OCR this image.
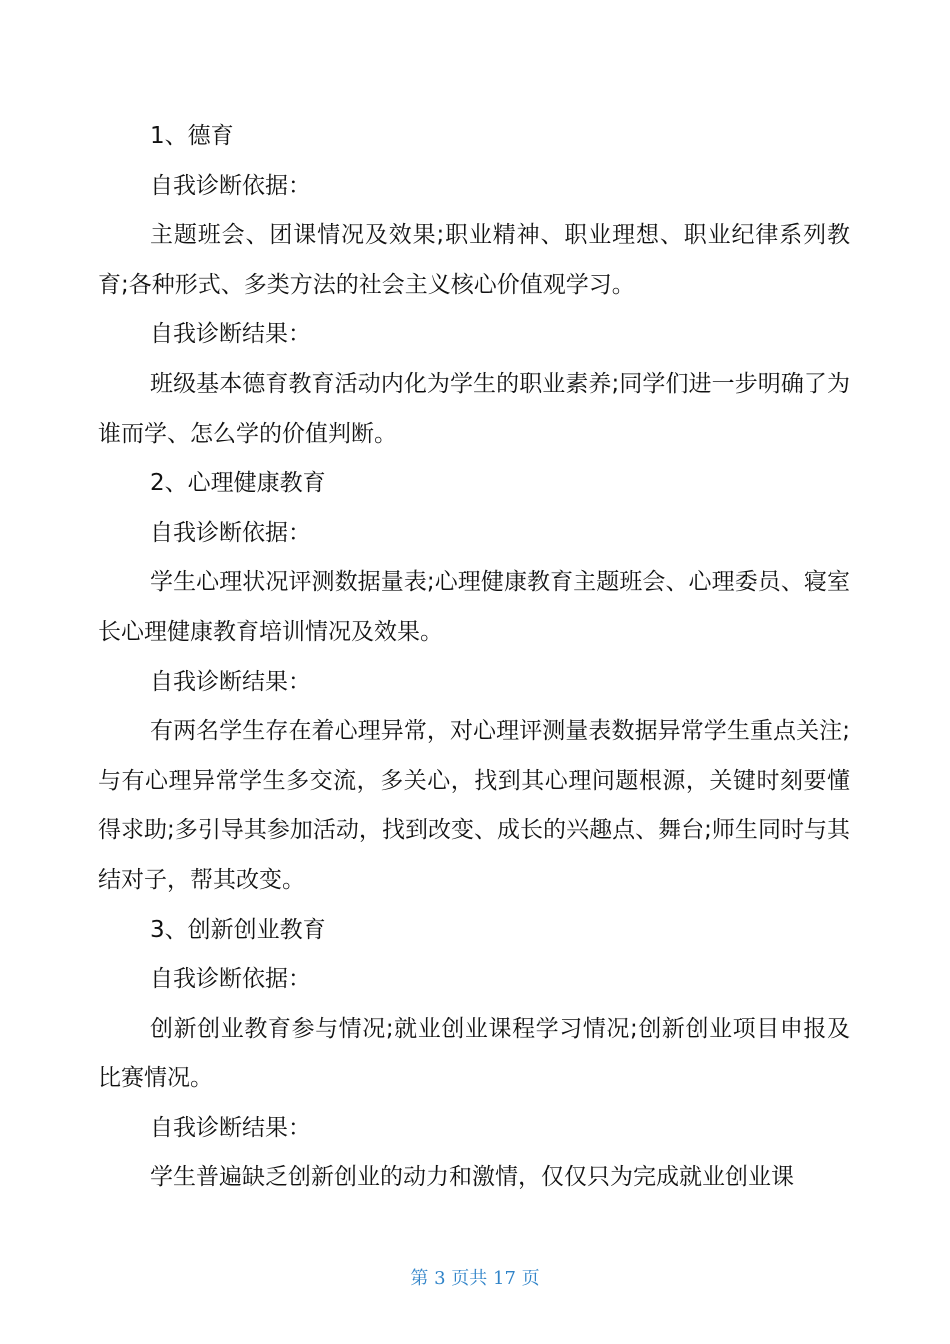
1、德育

自我诊断依据：

主题班会、团课情况及效果;职业精神、职业理想、职业纪律系列教育;各种形式、多类方法的社会主义核心价值观学习。

自我诊断结果：

班级基本德育教育活动内化为学生的职业素养;同学们进一步明确了为谁而学、怎么学的价值判断。

2、心理健康教育

自我诊断依据：

学生心理状况评测数据量表;心理健康教育主题班会、心理委员、寝室长心理健康教育培训情况及效果。

自我诊断结果：

有两名学生存在着心理异常，对心理评测量表数据异常学生重点关注;与有心理异常学生多交流，多关心，找到其心理问题根源，关键时刻要懂得求助;多引导其参加活动，找到改变、成长的兴趣点、舞台;师生同时与其结对子，帮其改变。

3、创新创业教育

自我诊断依据：

创新创业教育参与情况;就业创业课程学习情况;创新创业项目申报及比赛情况。

自我诊断结果：

学生普遍缺乏创新创业的动力和激情，仅仅只为完成就业创业课

第 3 页共 17 页
